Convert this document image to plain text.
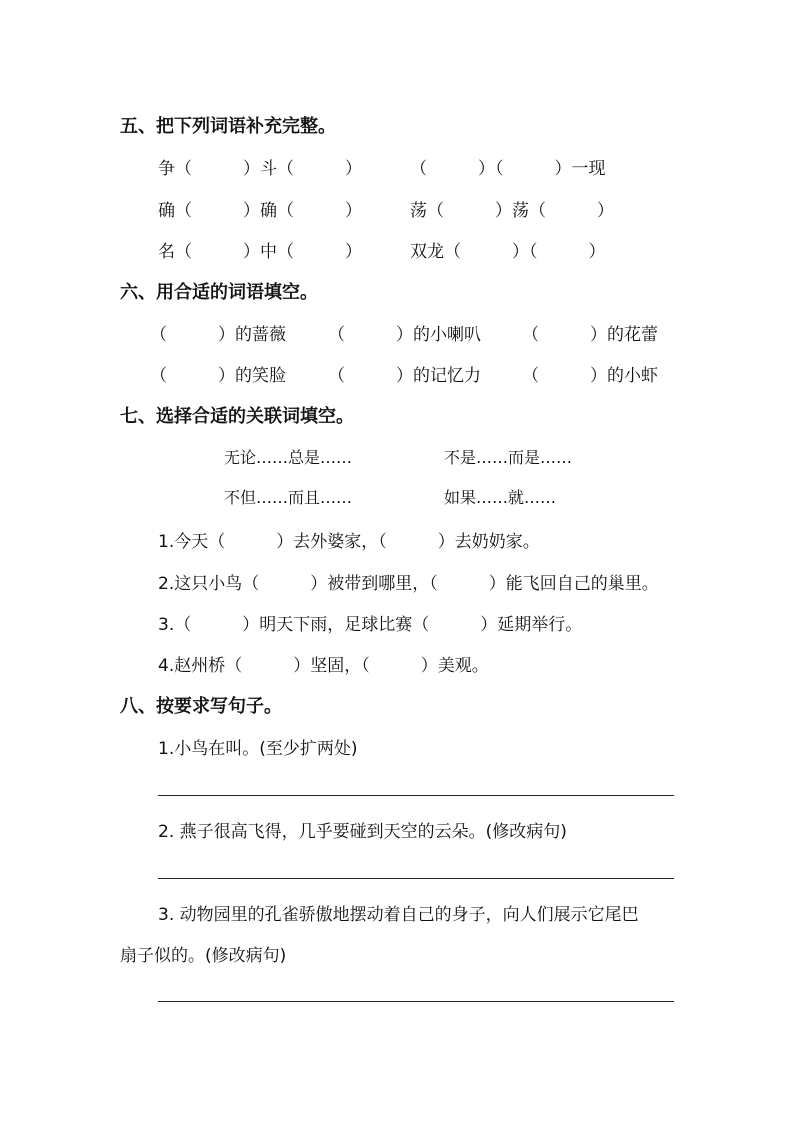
五、把下列词语补充完整。
争（　　　）斗（　　　）	（　　　）（　　　）一现
确（　　　）确（　　　）	荡（　　　）荡（　　　）
名（　　　）中（　　　）	双龙（　　　）（　　　）
六、用合适的词语填空。
（　　　）的蔷薇 （　　　）的小喇叭 （　　　）的花蕾
（　　　）的笑脸 （　　　）的记忆力 （　　　）的小虾
七、选择合适的关联词填空。
无论……总是……	不是……而是……
不但……而且……	如果……就……
1.今天（　　　）去外婆家，（　　　）去奶奶家。
2.这只小鸟（　　　）被带到哪里，（　　　）能飞回自己的巢里。
3.（　　　）明天下雨，足球比赛（　　　）延期举行。
4.赵州桥（　　　）坚固，（　　　）美观。
八、按要求写句子。
1.小鸟在叫。(至少扩两处)
2. 燕子很高飞得，几乎要碰到天空的云朵。(修改病句)
3. 动物园里的孔雀骄傲地摆动着自己的身子，向人们展示它尾巴
扇子似的。(修改病句)
